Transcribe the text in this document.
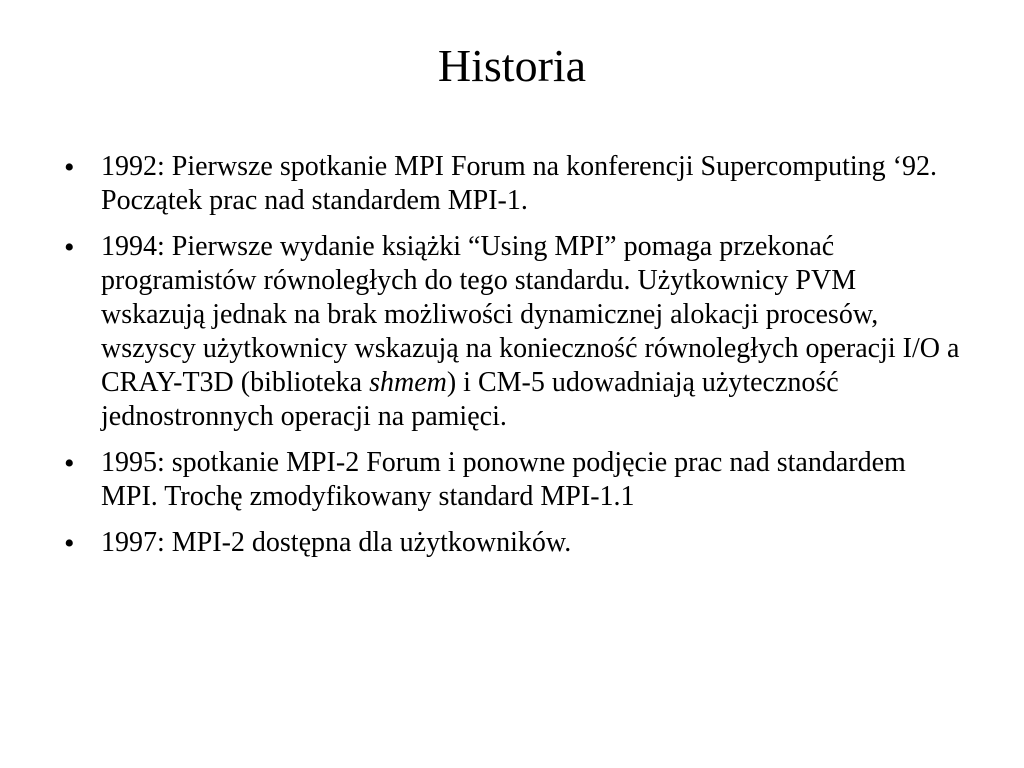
Historia
• 1992: Pierwsze spotkanie MPI Forum na konferencji Supercomputing ‘92. Początek prac nad standardem MPI-1.
• 1994: Pierwsze wydanie książki “Using MPI” pomaga przekonać programistów równoległych do tego standardu. Użytkownicy PVM wskazują jednak na brak możliwości dynamicznej alokacji procesów, wszyscy użytkownicy wskazują na konieczność równoległych operacji I/O a CRAY-T3D (biblioteka shmem) i CM-5 udowadniają użyteczność jednostronnych operacji na pamięci.
• 1995: spotkanie MPI-2 Forum i ponowne podjęcie prac nad standardem MPI. Trochę zmodyfikowany standard MPI-1.1
• 1997: MPI-2 dostępna dla użytkowników.
